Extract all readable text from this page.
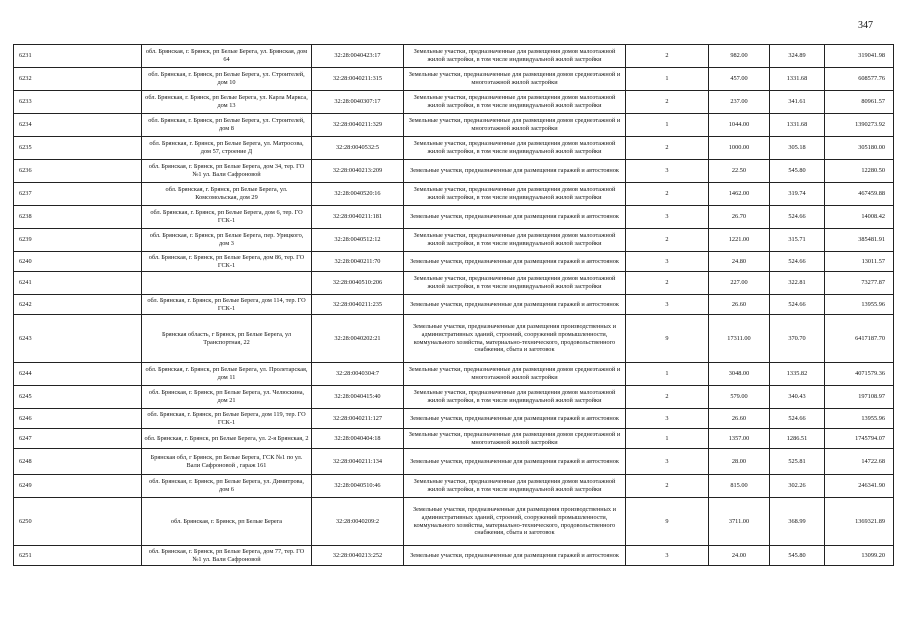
347
6231	обл. Брянская, г. Брянск, рп Белые Берега, ул. Брянская, дом 64	32:28:0040423:17	Земельные участки, предназначенные для размещения домов малоэтажной жилой застройки, в том числе индивидуальной жилой застройки	2	982.00	324.89	319041.98
6232	обл. Брянская, г. Брянск, рп Белые Берега, ул. Строителей, дом 10	32:28:0040211:315	Земельные участки, предназначенные для размещения домов среднеэтажной и многоэтажной жилой застройки	1	457.00	1331.68	608577.76
6233	обл. Брянская, г. Брянск, рп Белые Берега, ул. Карла Маркса, дом 13	32:28:0040307:17	Земельные участки, предназначенные для размещения домов малоэтажной жилой застройки, в том числе индивидуальной жилой застройки	2	237.00	341.61	80961.57
6234	обл. Брянская, г. Брянск, рп Белые Берега, ул. Строителей, дом 8	32:28:0040211:329	Земельные участки, предназначенные для размещения домов среднеэтажной и многоэтажной жилой застройки	1	1044.00	1331.68	1390273.92
6235	обл. Брянская, г. Брянск, рп Белые Берега, ул. Матросова, дом 57, строение Д	32:28:0040532:5	Земельные участки, предназначенные для размещения домов малоэтажной жилой застройки, в том числе индивидуальной жилой застройки	2	1000.00	305.18	305180.00
6236	обл. Брянская, г. Брянск, рп Белые Берега, дом 34, тер. ГО №1 ул. Вали Сафроновой	32:28:0040213:209	Земельные участки, предназначенные для размещения гаражей и автостоянок	3	22.50	545.80	12280.50
6237	обл. Брянская, г. Брянск, рп Белые Берега, ул. Комсомольская, дом 29	32:28:0040520:16	Земельные участки, предназначенные для размещения домов малоэтажной жилой застройки, в том числе индивидуальной жилой застройки	2	1462.00	319.74	467459.88
6238	обл. Брянская, г. Брянск, рп Белые Берега, дом 6, тер. ГО ГСК-1	32:28:0040211:181	Земельные участки, предназначенные для размещения гаражей и автостоянок	3	26.70	524.66	14008.42
6239	обл. Брянская, г. Брянск, рп Белые Берега, пер. Урицкого, дом 3	32:28:0040512:12	Земельные участки, предназначенные для размещения домов малоэтажной жилой застройки, в том числе индивидуальной жилой застройки	2	1221.00	315.71	385481.91
6240	обл. Брянская, г. Брянск, рп Белые Берега, дом 86, тер. ГО ГСК-1	32:28:0040211:70	Земельные участки, предназначенные для размещения гаражей и автостоянок	3	24.80	524.66	13011.57
6241		32:28:0040510:206	Земельные участки, предназначенные для размещения домов малоэтажной жилой застройки, в том числе индивидуальной жилой застройки	2	227.00	322.81	73277.87
6242	обл. Брянская, г. Брянск, рп Белые Берега, дом 114, тер. ГО ГСК-1	32:28:0040211:235	Земельные участки, предназначенные для размещения гаражей и автостоянок	3	26.60	524.66	13955.96
6243	Брянская область, г Брянск, рп Белые Берега, ул Транспортная, 22	32:28:0040202:21	Земельные участки, предназначенные для размещения производственных и административных зданий, строений, сооружений промышленности, коммунального хозяйства, материально-технического, продовольственного снабжения, сбыта и заготовок	9	17311.00	370.70	6417187.70
6244	обл. Брянская, г. Брянск, рп Белые Берега, ул. Пролетарская, дом 11	32:28:0040304:7	Земельные участки, предназначенные для размещения домов среднеэтажной и многоэтажной жилой застройки	1	3048.00	1335.82	4071579.36
6245	обл. Брянская, г. Брянск, рп Белые Берега, ул. Челюскина, дом 21	32:28:0040415:40	Земельные участки, предназначенные для размещения домов малоэтажной жилой застройки, в том числе индивидуальной жилой застройки	2	579.00	340.43	197108.97
6246	обл. Брянская, г. Брянск, рп Белые Берега, дом 119, тер. ГО ГСК-1	32:28:0040211:127	Земельные участки, предназначенные для размещения гаражей и автостоянок	3	26.60	524.66	13955.96
6247	обл. Брянская, г. Брянск, рп Белые Берега, ул. 2-я Брянская, 2	32:28:0040404:18	Земельные участки, предназначенные для размещения домов среднеэтажной и многоэтажной жилой застройки	1	1357.00	1286.51	1745794.07
6248	Брянская обл, г Брянск, рп Белые Берега, ГСК №1 по ул. Вали Сафроновой , гараж 161	32:28:0040211:134	Земельные участки, предназначенные для размещения гаражей и автостоянок	3	28.00	525.81	14722.68
6249	обл. Брянская, г. Брянск, рп Белые Берега, ул. Димитрова, дом 6	32:28:0040510:46	Земельные участки, предназначенные для размещения домов малоэтажной жилой застройки, в том числе индивидуальной жилой застройки	2	815.00	302.26	246341.90
6250	обл. Брянская, г. Брянск, рп Белые Берега	32:28:0040209:2	Земельные участки, предназначенные для размещения производственных и административных зданий, строений, сооружений промышленности, коммунального хозяйства, материально-технического, продовольственного снабжения, сбыта и заготовок	9	3711.00	368.99	1369321.89
6251	обл. Брянская, г. Брянск, рп Белые Берега, дом 77, тер. ГО №1 ул. Вали Сафроновой	32:28:0040213:252	Земельные участки, предназначенные для размещения гаражей и автостоянок	3	24.00	545.80	13099.20
